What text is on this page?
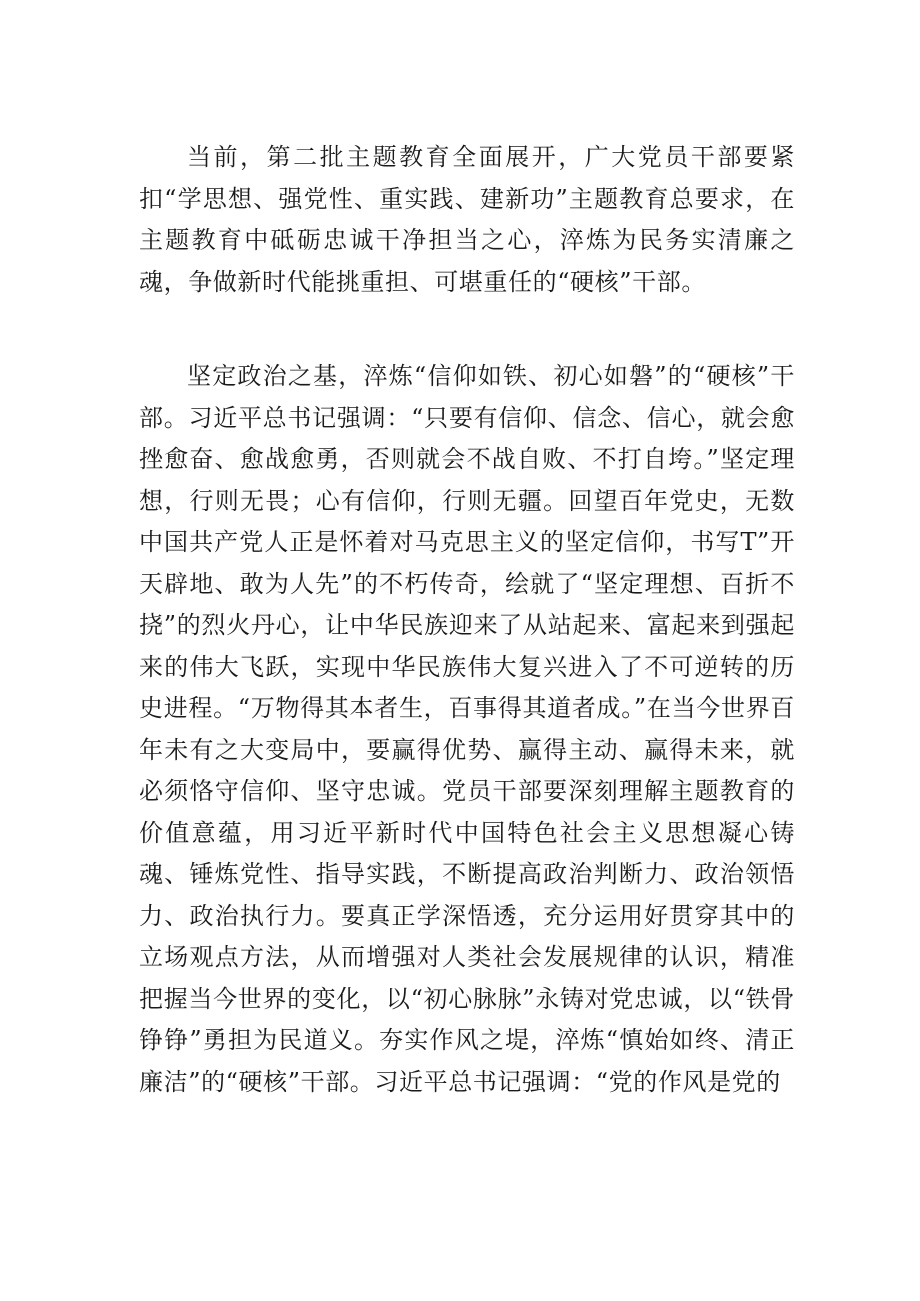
当前，第二批主题教育全面展开，广大党员干部要紧扣“学思想、强党性、重实践、建新功”主题教育总要求，在主题教育中砥砺忠诚干净担当之心，淬炼为民务实清廉之魂，争做新时代能挑重担、可堪重任的“硬核”干部。

坚定政治之基，淬炼“信仰如铁、初心如磐”的“硬核”干部。习近平总书记强调：“只要有信仰、信念、信心，就会愈挫愈奋、愈战愈勇，否则就会不战自败、不打自垮。”坚定理想，行则无畏；心有信仰，行则无疆。回望百年党史，无数中国共产党人正是怀着对马克思主义的坚定信仰，书写T”开天辟地、敢为人先”的不朽传奇，绘就了“坚定理想、百折不挠”的烈火丹心，让中华民族迎来了从站起来、富起来到强起来的伟大飞跃，实现中华民族伟大复兴进入了不可逆转的历史进程。“万物得其本者生，百事得其道者成。”在当今世界百年未有之大变局中，要赢得优势、赢得主动、赢得未来，就必须恪守信仰、坚守忠诚。党员干部要深刻理解主题教育的价值意蕴，用习近平新时代中国特色社会主义思想凝心铸魂、锤炼党性、指导实践，不断提高政治判断力、政治领悟力、政治执行力。要真正学深悟透，充分运用好贯穿其中的立场观点方法，从而增强对人类社会发展规律的认识，精准把握当今世界的变化，以“初心脉脉”永铸对党忠诚，以“铁骨铮铮”勇担为民道义。夯实作风之堤，淬炼“慎始如终、清正廉洁”的“硬核”干部。习近平总书记强调：“党的作风是党的
